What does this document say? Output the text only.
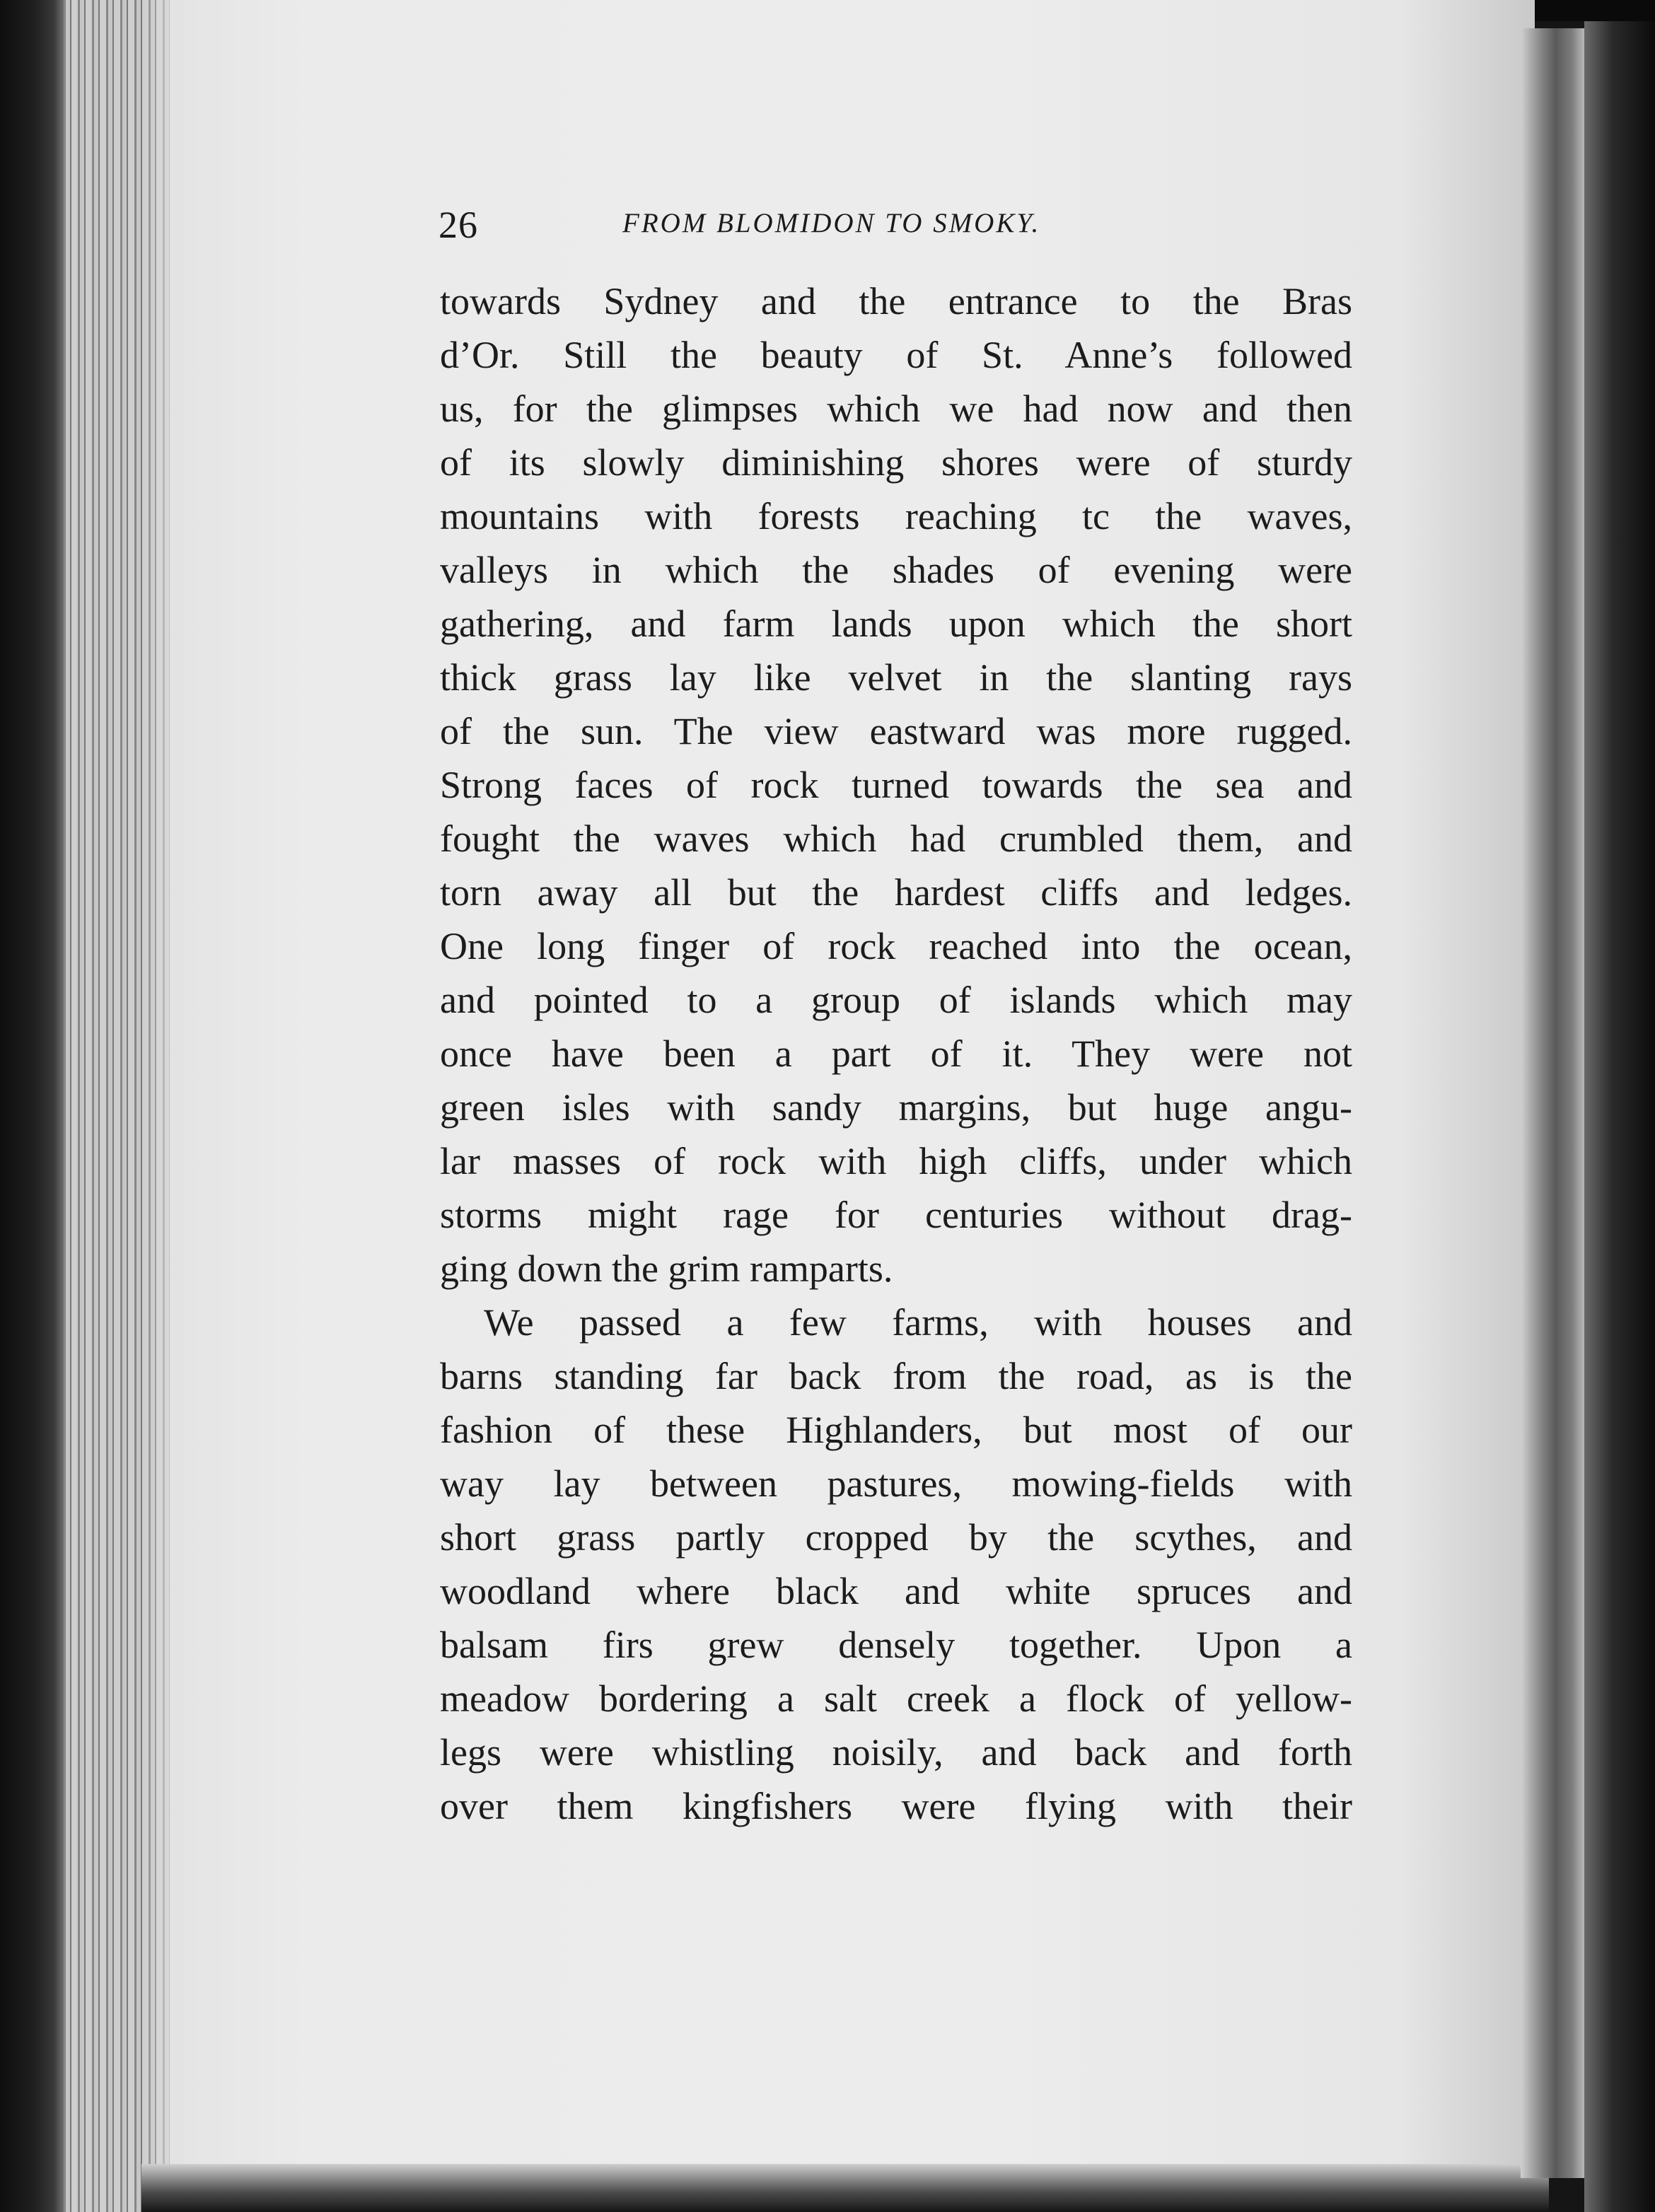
26	FROM BLOMIDON TO SMOKY.
towards Sydney and the entrance to the Bras
d’Or. Still the beauty of St. Anne’s followed
us, for the glimpses which we had now and then
of its slowly diminishing shores were of sturdy
mountains with forests reaching tc the waves,
valleys in which the shades of evening were
gathering, and farm lands upon which the short
thick grass lay like velvet in the slanting rays
of the sun. The view eastward was more rugged.
Strong faces of rock turned towards the sea and
fought the waves which had crumbled them, and
torn away all but the hardest cliffs and ledges.
One long finger of rock reached into the ocean,
and pointed to a group of islands which may
once have been a part of it. They were not
green isles with sandy margins, but huge angu-
lar masses of rock with high cliffs, under which
storms might rage for centuries without drag-
ging down the grim ramparts.
We passed a few farms, with houses and
barns standing far back from the road, as is the
fashion of these Highlanders, but most of our
way lay between pastures, mowing-fields with
short grass partly cropped by the scythes, and
woodland where black and white spruces and
balsam firs grew densely together. Upon a
meadow bordering a salt creek a flock of yellow-
legs were whistling noisily, and back and forth
over them kingfishers were flying with their
